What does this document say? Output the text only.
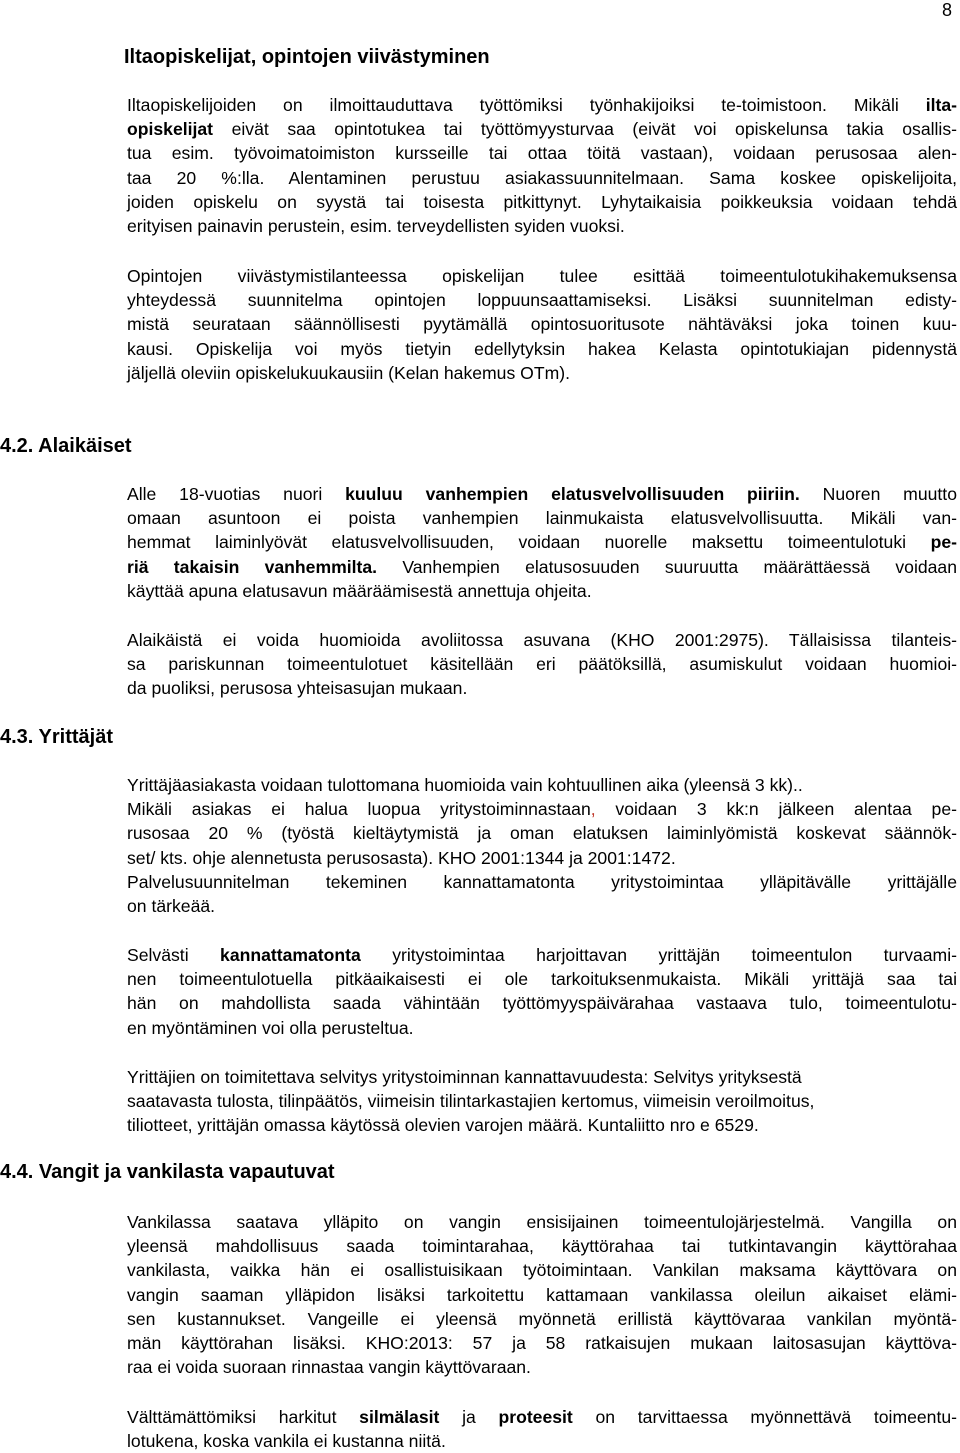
8
Iltaopiskelijat, opintojen viivästyminen
Iltaopiskelijoiden on ilmoittauduttava työttömiksi työnhakijoiksi te-toimistoon. Mikäli ilta-
opiskelijat eivät saa opintotukea tai työttömyysturvaa (eivät voi opiskelunsa takia osallis-
tua esim. työvoimatoimiston kursseille tai ottaa töitä vastaan), voidaan perusosaa alen-
taa 20 %:lla. Alentaminen perustuu asiakassuunnitelmaan. Sama koskee opiskelijoita,
joiden opiskelu on syystä tai toisesta pitkittynyt. Lyhytaikaisia poikkeuksia voidaan tehdä
erityisen painavin perustein, esim. terveydellisten syiden vuoksi.
Opintojen viivästymistilanteessa opiskelijan tulee esittää toimeentulotukihakemuksensa
yhteydessä suunnitelma opintojen loppuunsaattamiseksi. Lisäksi suunnitelman edisty-
mistä seurataan säännöllisesti pyytämällä opintosuoritusote nähtäväksi joka toinen kuu-
kausi. Opiskelija voi myös tietyin edellytyksin hakea Kelasta opintotukiajan pidennystä
jäljellä oleviin opiskelukuukausiin (Kelan hakemus OTm).
4.2. Alaikäiset
Alle 18-vuotias nuori kuuluu vanhempien elatusvelvollisuuden piiriin. Nuoren muutto
omaan asuntoon ei poista vanhempien lainmukaista elatusvelvollisuutta. Mikäli van-
hemmat laiminlyövät elatusvelvollisuuden, voidaan nuorelle maksettu toimeentulotuki pe-
riä takaisin vanhemmilta. Vanhempien elatusosuuden suuruutta määrättäessä voidaan
käyttää apuna elatusavun määräämisestä annettuja ohjeita.
Alaikäistä ei voida huomioida avoliitossa asuvana (KHO 2001:2975). Tällaisissa tilanteis-
sa pariskunnan toimeentulotuet käsitellään eri päätöksillä, asumiskulut voidaan huomioi-
da puoliksi, perusosa yhteisasujan mukaan.
4.3. Yrittäjät
Yrittäjäasiakasta voidaan tulottomana huomioida vain kohtuullinen aika (yleensä 3 kk)..
Mikäli asiakas ei halua luopua yritystoiminnastaan, voidaan 3 kk:n jälkeen alentaa pe-
rusosaa 20 % (työstä kieltäytymistä ja oman elatuksen laiminlyömistä koskevat säännök-
set/ kts. ohje alennetusta perusosasta). KHO 2001:1344 ja 2001:1472.
Palvelusuunnitelman tekeminen kannattamatonta yritystoimintaa ylläpitävälle yrittäjälle
on tärkeää.
Selvästi kannattamatonta yritystoimintaa harjoittavan yrittäjän toimeentulon turvaami-
nen toimeentulotuella pitkäaikaisesti ei ole tarkoituksenmukaista. Mikäli yrittäjä saa tai
hän on mahdollista saada vähintään työttömyyspäivärahaa vastaava tulo, toimeentulotu-
en myöntäminen voi olla perusteltua.
Yrittäjien on toimitettava selvitys yritystoiminnan kannattavuudesta: Selvitys yrityksestä
saatavasta tulosta, tilinpäätös, viimeisin tilintarkastajien kertomus, viimeisin veroilmoitus,
tiliotteet, yrittäjän omassa käytössä olevien varojen määrä. Kuntaliitto nro e 6529.
4.4. Vangit ja vankilasta vapautuvat
Vankilassa saatava ylläpito on vangin ensisijainen toimeentulojärjestelmä. Vangilla on
yleensä mahdollisuus saada toimintarahaa, käyttörahaa tai tutkintavangin käyttörahaa
vankilasta, vaikka hän ei osallistuisikaan työtoimintaan. Vankilan maksama käyttövara on
vangin saaman ylläpidon lisäksi tarkoitettu kattamaan vankilassa oleilun aikaiset elämi-
sen kustannukset. Vangeille ei yleensä myönnetä erillistä käyttövaraa vankilan myöntä-
män käyttörahan lisäksi. KHO:2013: 57 ja 58 ratkaisujen mukaan laitosasujan käyttöva-
raa ei voida suoraan rinnastaa vangin käyttövaraan.
Välttämättömiksi harkitut silmälasit ja proteesit on tarvittaessa myönnettävä toimeentu-
lotukena, koska vankila ei kustanna niitä.
